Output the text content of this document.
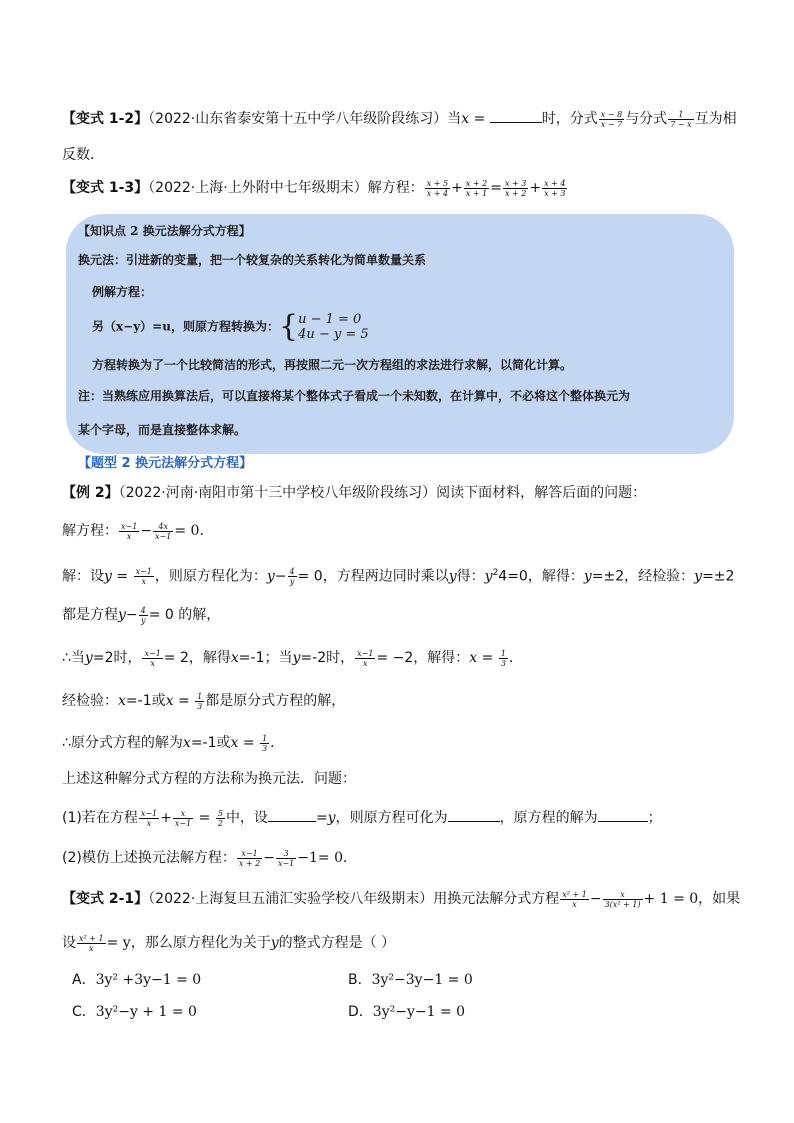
【变式 1-2】（2022·山东省泰安第十五中学八年级阶段练习）当x =	时，分式 $\frac{x - 8}{x - 7}$ 与分式 $\frac{1}{7 - x}$ 互为相
反数．
【变式 1-3】（2022·上海·上外附中七年级期末）解方程： $\frac{x + 5}{x + 4} + \frac{x + 2}{x + 1} = \frac{x + 3}{x + 2} + \frac{x + 4}{x + 3}$
【知识点 2 换元法解分式方程】
换元法：引进新的变量，把一个较复杂的关系转化为简单数量关系
例解方程：
另（x−y）=u，则原方程转换为：{ u − 1 = 0
4u − y = 5
方程转换为了一个比较简洁的形式，再按照二元一次方程组的求法进行求解，以简化计算。
注：当熟练应用换算法后，可以直接将某个整体式子看成一个未知数，在计算中，不必将这个整体换元为
某个字母，而是直接整体求解。
【题型 2 换元法解分式方程】
【例 2】（2022·河南·南阳市第十三中学校八年级阶段练习）阅读下面材料，解答后面的问题：
解方程： $\frac{x-1}{x} - \frac{4x}{x-1} = 0$．
解：设$y = \frac{x-1}{x}$ ，则原方程化为：$y- \frac{4}{y} = 0$，方程两边同时乘以y得：$y^24=0$，解得：y=±2，经检验：y=±2
都是方程$y- \frac{4}{y} = 0$ 的解，
∴当y=2时， $\frac{x-1}{x} = 2$，解得x=-1；当y=-2时， $\frac{x-1}{x} = -2$，解得：$x = \frac{1}{3}$ ．
经检验：x=-1或$x = \frac{1}{3}$ 都是原分式方程的解，
∴原分式方程的解为x=-1或$x = \frac{1}{3}$ ．
上述这种解分式方程的方法称为换元法．问题：
(1)若在方程 $\frac{x-1}{x} + \frac{x}{x-1} = \frac{5}{2}$ 中，设	=y，则原方程可化为	，原方程的解为	；
(2)模仿上述换元法解方程： $\frac{x-1}{x + 2} - \frac{3}{x-1} -1= 0$．
【变式 2-1】（2022·上海复旦五浦汇实验学校八年级期末）用换元法解分式方程 $\frac{\text{x² + 1}}{x} - \frac{x}{\text{3(x² + 1)}} + 1 = 0$，如果
设 $\frac{\text{x² + 1}}{x} = y$，那么原方程化为关于y的整式方程是（ ）
A．3y² +3y−1 = 0	B．3y²−3y−1 = 0
C．3y²−y + 1 = 0	D．3y²−y−1 = 0
